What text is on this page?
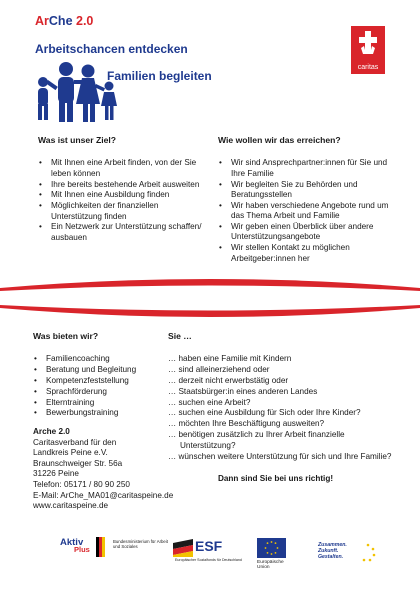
ArChe 2.0
Arbeitschancen entdecken
Familien begleiten
caritas
Was ist unser Ziel?
• Mit Ihnen eine Arbeit finden, von der Sie leben können
• Ihre bereits bestehende Arbeit ausweiten
• Mit Ihnen eine Ausbildung finden
• Möglichkeiten der finanziellen Unterstützung finden
• Ein Netzwerk zur Unterstützung schaffen/ ausbauen
Wie wollen wir das erreichen?
• Wir sind Ansprechpartner:innen für Sie und Ihre Familie
• Wir begleiten Sie zu Behörden und Beratungsstellen
• Wir haben verschiedene Angebote rund um das Thema Arbeit und Familie
• Wir geben einen Überblick über andere Unterstützungsangebote
• Wir stellen Kontakt zu möglichen Arbeitgeber:innen her
Was bieten wir?
• Familiencoaching
• Beratung und Begleitung
• Kompetenzfeststellung
• Sprachförderung
• Elterntraining
• Bewerbungstraining
Sie …
… haben eine Familie mit Kindern
… sind alleinerziehend oder
… derzeit nicht erwerbstätig oder
… Staatsbürger:in eines anderen Landes
… suchen eine Arbeit?
… suchen eine Ausbildung für Sich oder Ihre Kinder?
… möchten Ihre Beschäftigung ausweiten?
… benötigen zusätzlich zu Ihrer Arbeit finanzielle
Unterstützung?
… wünschen weitere Unterstützung für sich und Ihre Familie?
Dann sind Sie bei uns richtig!
Arche 2.0
Caritasverband für den
Landkreis Peine e.V.
Braunschweiger Str. 56a
31226 Peine
Telefon: 05171 / 80 90 250
E-Mail: ArChe_MA01@caritaspeine.de
www.caritaspeine.de
Aktiv
Plus
Bundesministerium für Arbeit und Soziales	ESF
Europäischer Sozialfonds für Deutschland	Europäische Union
Zusammen. Zukunft. Gestalten.
